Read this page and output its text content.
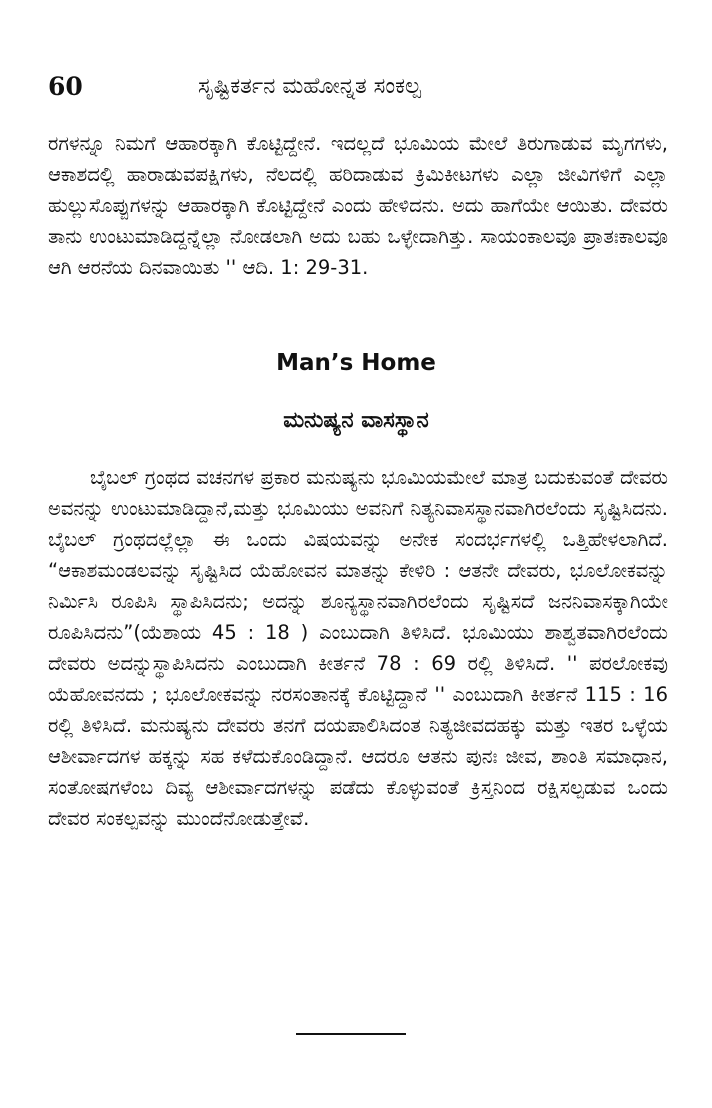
60	ಸೃಷ್ಟಿಕರ್ತನ ಮಹೋನ್ನತ ಸಂಕಲ್ಪ

ರಗಳನ್ನೂ ನಿಮಗೆ ಆಹಾರಕ್ಕಾಗಿ ಕೊಟ್ಟಿದ್ದೇನೆ. ಇದಲ್ಲದೆ ಭೂಮಿಯ ಮೇಲೆ ತಿರುಗಾಡುವ ಮೃಗಗಳು, ಆಕಾಶದಲ್ಲಿ ಹಾರಾಡುವಪಕ್ಷಿಗಳು, ನೆಲದಲ್ಲಿ ಹರಿದಾಡುವ ಕ್ರಿಮಿಕೀಟಗಳು ಎಲ್ಲಾ ಜೀವಿಗಳಿಗೆ ಎಲ್ಲಾ ಹುಲ್ಲುಸೊಪ್ಪುಗಳನ್ನು ಆಹಾರಕ್ಕಾಗಿ ಕೊಟ್ಟಿದ್ದೇನೆ ಎಂದು ಹೇಳಿದನು. ಅದು ಹಾಗೆಯೇ ಆಯಿತು. ದೇವರು ತಾನು ಉಂಟುಮಾಡಿದ್ದನ್ನೆಲ್ಲಾ ನೋಡಲಾಗಿ ಅದು ಬಹು ಒಳ್ಳೇದಾಗಿತ್ತು. ಸಾಯಂಕಾಲವೂ ಪ್ರಾತಃಕಾಲವೂ ಆಗಿ ಆರನೆಯ ದಿನವಾಯಿತು '' ಆದಿ. 1: 29-31.

Man’s Home
ಮನುಷ್ಯನ ವಾಸಸ್ಥಾನ

ಬೈಬಲ್ ಗ್ರಂಥದ ವಚನಗಳ ಪ್ರಕಾರ ಮನುಷ್ಯನು ಭೂಮಿಯಮೇಲೆ ಮಾತ್ರ ಬದುಕುವಂತೆ ದೇವರು ಅವನನ್ನು ಉಂಟುಮಾಡಿದ್ದಾನೆ,ಮತ್ತು ಭೂಮಿಯು ಅವನಿಗೆ ನಿತ್ಯನಿವಾಸಸ್ಥಾನವಾಗಿರಲೆಂದು ಸೃಷ್ಟಿಸಿದನು. ಬೈಬಲ್ ಗ್ರಂಥದಲ್ಲೆಲ್ಲಾ ಈ ಒಂದು ವಿಷಯವನ್ನು ಅನೇಕ ಸಂದರ್ಭಗಳಲ್ಲಿ ಒತ್ತಿಹೇಳಲಾಗಿದೆ. “ಆಕಾಶಮಂಡಲವನ್ನು ಸೃಷ್ಟಿಸಿದ ಯೆಹೋವನ ಮಾತನ್ನು ಕೇಳಿರಿ : ಆತನೇ ದೇವರು, ಭೂಲೋಕವನ್ನು ನಿರ್ಮಿಸಿ ರೂಪಿಸಿ ಸ್ಥಾಪಿಸಿದನು; ಅದನ್ನು ಶೂನ್ಯಸ್ಥಾನವಾಗಿರಲೆಂದು ಸೃಷ್ಟಿಸದೆ ಜನನಿವಾಸಕ್ಕಾಗಿಯೇ ರೂಪಿಸಿದನು”(ಯೆಶಾಯ 45 : 18 ) ಎಂಬುದಾಗಿ ತಿಳಿಸಿದೆ. ಭೂಮಿಯು ಶಾಶ್ವತವಾಗಿರಲೆಂದು ದೇವರು ಅದನ್ನುಸ್ಥಾಪಿಸಿದನು ಎಂಬುದಾಗಿ ಕೀರ್ತನೆ 78 : 69 ರಲ್ಲಿ ತಿಳಿಸಿದೆ. '' ಪರಲೋಕವು ಯೆಹೋವನದು ; ಭೂಲೋಕವನ್ನು ನರಸಂತಾನಕ್ಕೆ ಕೊಟ್ಟಿದ್ದಾನೆ '' ಎಂಬುದಾಗಿ ಕೀರ್ತನೆ 115 : 16 ರಲ್ಲಿ ತಿಳಿಸಿದೆ. ಮನುಷ್ಯನು ದೇವರು ತನಗೆ ದಯಪಾಲಿಸಿದಂತ ನಿತ್ಯಜೀವದಹಕ್ಕು ಮತ್ತು ಇತರ ಒಳ್ಳೆಯ ಆಶೀರ್ವಾದಗಳ ಹಕ್ಕನ್ನು ಸಹ ಕಳೆದುಕೊಂಡಿದ್ದಾನೆ. ಆದರೂ ಆತನು ಪುನಃ ಜೀವ, ಶಾಂತಿ ಸಮಾಧಾನ, ಸಂತೋಷಗಳೆಂಬ ದಿವ್ಯ ಆಶೀರ್ವಾದಗಳನ್ನು ಪಡೆದು ಕೊಳ್ಳುವಂತೆ ಕ್ರಿಸ್ತನಿಂದ ರಕ್ಷಿಸಲ್ಪಡುವ ಒಂದು ದೇವರ ಸಂಕಲ್ಪವನ್ನು ಮುಂದೆನೋಡುತ್ತೇವೆ.
